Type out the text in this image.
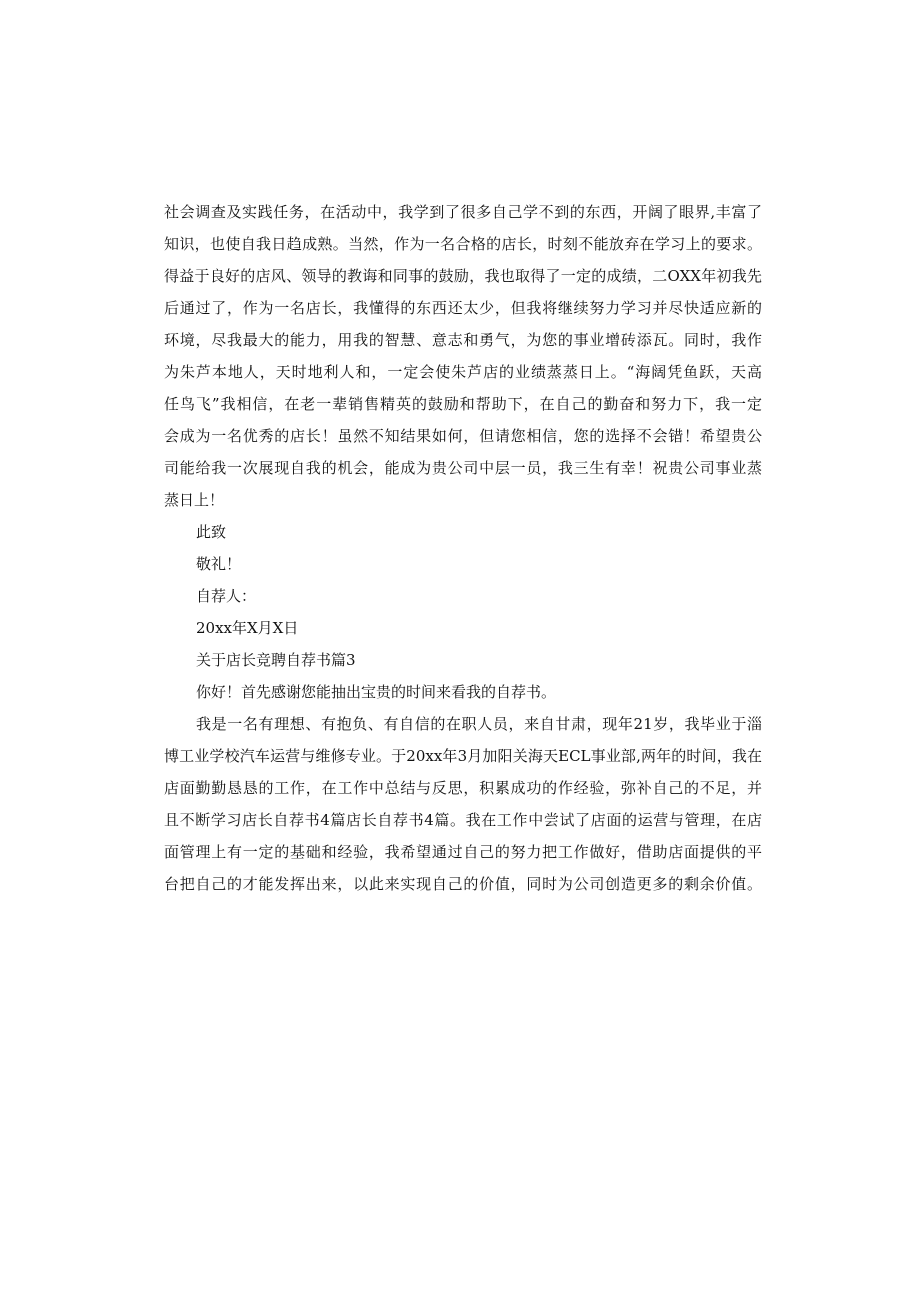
社会调查及实践任务，在活动中，我学到了很多自己学不到的东西，开阔了眼界,丰富了
知识，也使自我日趋成熟。当然，作为一名合格的店长，时刻不能放弃在学习上的要求。
得益于良好的店风、领导的教诲和同事的鼓励，我也取得了一定的成绩，二OXX年初我先
后通过了，作为一名店长，我懂得的东西还太少，但我将继续努力学习并尽快适应新的
环境，尽我最大的能力，用我的智慧、意志和勇气，为您的事业增砖添瓦。同时，我作
为朱芦本地人，天时地利人和，一定会使朱芦店的业绩蒸蒸日上。“海阔凭鱼跃，天高
任鸟飞”我相信，在老一辈销售精英的鼓励和帮助下，在自己的勤奋和努力下，我一定
会成为一名优秀的店长！虽然不知结果如何，但请您相信，您的选择不会错！希望贵公
司能给我一次展现自我的机会，能成为贵公司中层一员，我三生有幸！祝贵公司事业蒸
蒸日上！
此致
敬礼！
自荐人：
20xx年X月X日
关于店长竞聘自荐书篇3
你好！首先感谢您能抽出宝贵的时间来看我的自荐书。
我是一名有理想、有抱负、有自信的在职人员，来自甘肃，现年21岁，我毕业于淄
博工业学校汽车运营与维修专业。于20xx年3月加阳关海天ECL事业部,两年的时间，我在
店面勤勤恳恳的工作，在工作中总结与反思，积累成功的作经验，弥补自己的不足，并
且不断学习店长自荐书4篇店长自荐书4篇。我在工作中尝试了店面的运营与管理，在店
面管理上有一定的基础和经验，我希望通过自己的努力把工作做好，借助店面提供的平
台把自己的才能发挥出来，以此来实现自己的价值，同时为公司创造更多的剩余价值。
